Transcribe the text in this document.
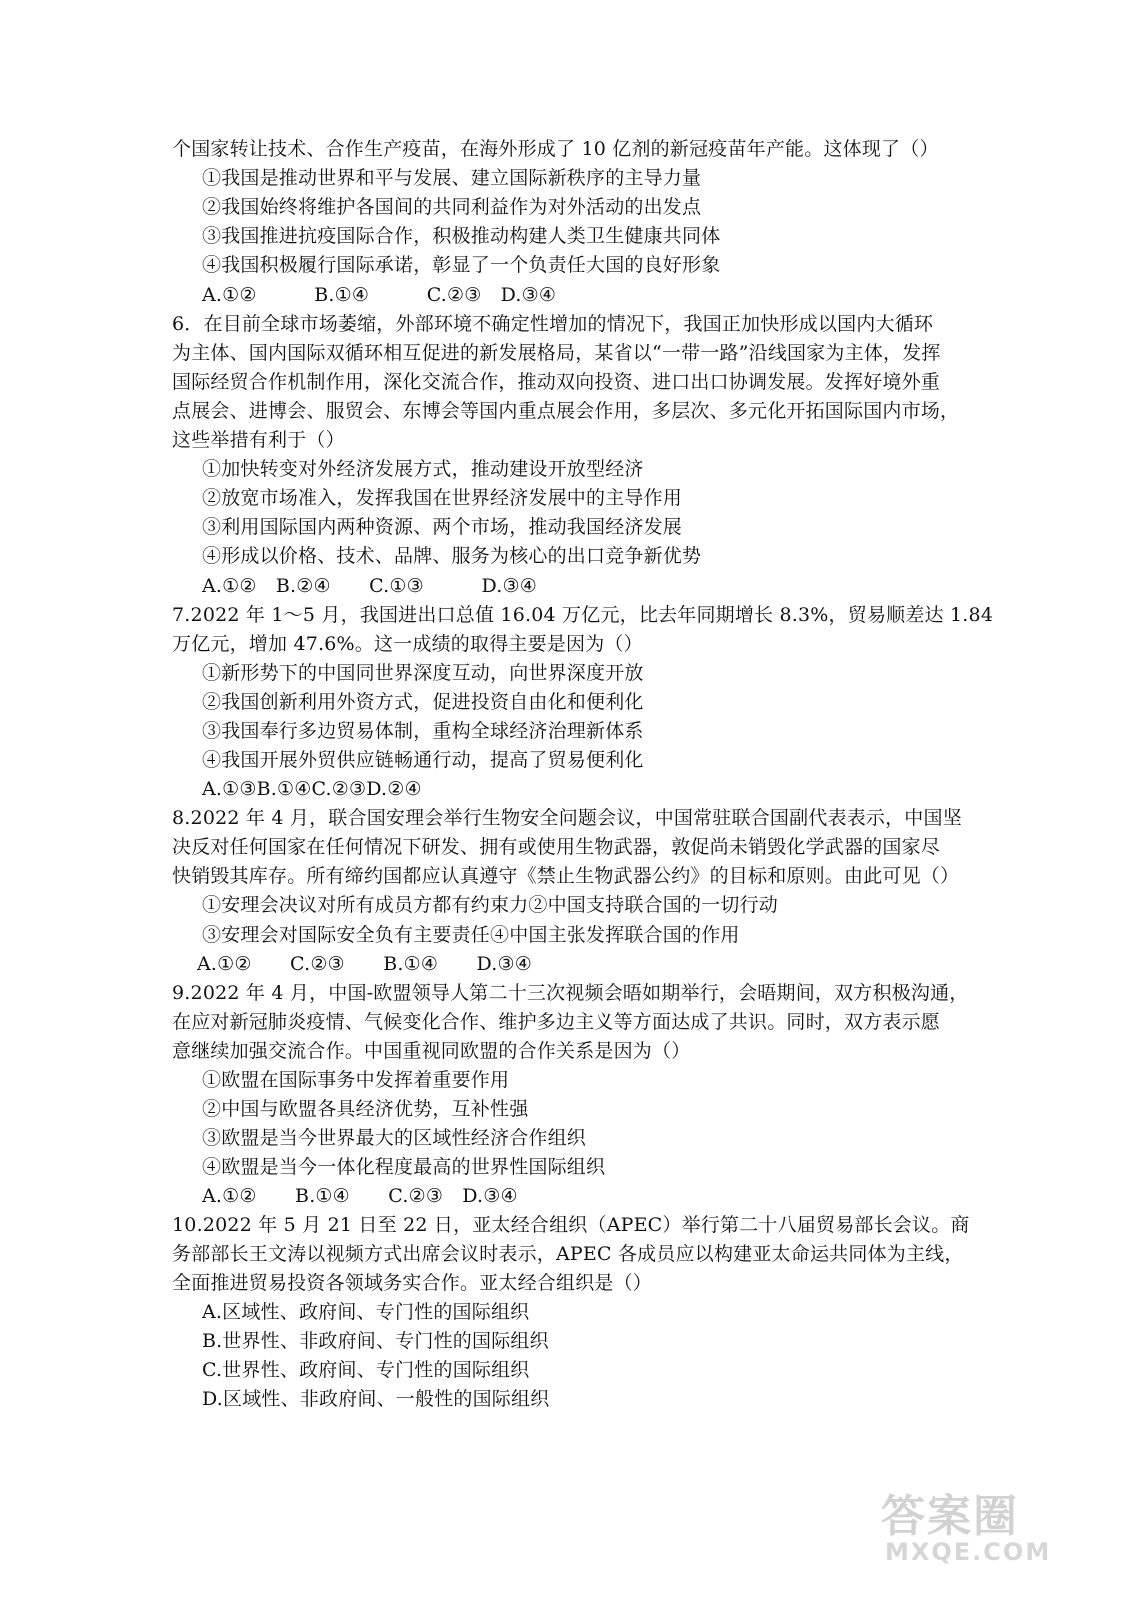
个国家转让技术、合作生产疫苗，在海外形成了 10 亿剂的新冠疫苗年产能。这体现了（）
①我国是推动世界和平与发展、建立国际新秩序的主导力量
②我国始终将维护各国间的共同利益作为对外活动的出发点
③我国推进抗疫国际合作，积极推动构建人类卫生健康共同体
④我国积极履行国际承诺，彰显了一个负责任大国的良好形象
A.①②　　　B.①④　　　C.②③　D.③④
6．在目前全球市场萎缩，外部环境不确定性增加的情况下，我国正加快形成以国内大循环
为主体、国内国际双循环相互促进的新发展格局，某省以“一带一路”沿线国家为主体，发挥
国际经贸合作机制作用，深化交流合作，推动双向投资、进口出口协调发展。发挥好境外重
点展会、进博会、服贸会、东博会等国内重点展会作用，多层次、多元化开拓国际国内市场，
这些举措有利于（）
①加快转变对外经济发展方式，推动建设开放型经济
②放宽市场准入，发挥我国在世界经济发展中的主导作用
③利用国际国内两种资源、两个市场，推动我国经济发展
④形成以价格、技术、品牌、服务为核心的出口竞争新优势
A.①②　B.②④　　C.①③　　　D.③④
7.2022 年 1～5 月，我国进出口总值 16.04 万亿元，比去年同期增长 8.3%，贸易顺差达 1.84
万亿元，增加 47.6%。这一成绩的取得主要是因为（）
①新形势下的中国同世界深度互动，向世界深度开放
②我国创新利用外资方式，促进投资自由化和便利化
③我国奉行多边贸易体制，重构全球经济治理新体系
④我国开展外贸供应链畅通行动，提高了贸易便利化
A.①③B.①④C.②③D.②④
8.2022 年 4 月，联合国安理会举行生物安全问题会议，中国常驻联合国副代表表示，中国坚
决反对任何国家在任何情况下研发、拥有或使用生物武器，敦促尚未销毁化学武器的国家尽
快销毁其库存。所有缔约国都应认真遵守《禁止生物武器公约》的目标和原则。由此可见（）
①安理会决议对所有成员方都有约束力②中国支持联合国的一切行动
③安理会对国际安全负有主要责任④中国主张发挥联合国的作用
A.①②　　C.②③　　B.①④　　D.③④
9.2022 年 4 月，中国-欧盟领导人第二十三次视频会晤如期举行，会晤期间，双方积极沟通，
在应对新冠肺炎疫情、气候变化合作、维护多边主义等方面达成了共识。同时，双方表示愿
意继续加强交流合作。中国重视同欧盟的合作关系是因为（）
①欧盟在国际事务中发挥着重要作用
②中国与欧盟各具经济优势，互补性强
③欧盟是当今世界最大的区域性经济合作组织
④欧盟是当今一体化程度最高的世界性国际组织
A.①②　　B.①④　　C.②③　D.③④
10.2022 年 5 月 21 日至 22 日，亚太经合组织（APEC）举行第二十八届贸易部长会议。商
务部部长王文涛以视频方式出席会议时表示，APEC 各成员应以构建亚太命运共同体为主线，
全面推进贸易投资各领域务实合作。亚太经合组织是（）
A.区域性、政府间、专门性的国际组织
B.世界性、非政府间、专门性的国际组织
C.世界性、政府间、专门性的国际组织
D.区域性、非政府间、一般性的国际组织
答案圈
MXQE.COM
